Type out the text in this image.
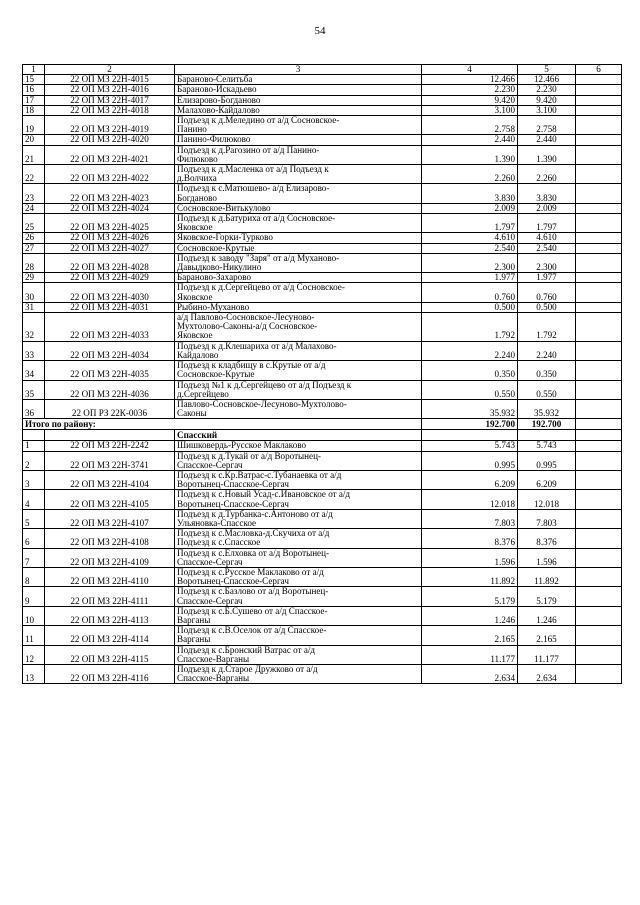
54
1	2	3	4	5	6
15	22 ОП МЗ 22Н-4015	Бараново-Селитьба	12.466	12.466	
16	22 ОП МЗ 22Н-4016	Бараново-Искадьево	2.230	2.230	
17	22 ОП МЗ 22Н-4017	Елизарово-Богданово	9.420	9.420	
18	22 ОП МЗ 22Н-4018	Малахово-Кайдалово	3.100	3.100	
19	22 ОП МЗ 22Н-4019	Подъезд к д.Меледино от а/д Сосновское-
Панино	2.758	2.758	
20	22 ОП МЗ 22Н-4020	Панино-Филюково	2.440	2.440	
21	22 ОП МЗ 22Н-4021	Подъезд к д.Рагозино от а/д Панино-
Филюково	1.390	1.390	
22	22 ОП МЗ 22Н-4022	Подъезд к д.Масленка от а/д Подъезд к
д.Волчиха	2.260	2.260	
23	22 ОП МЗ 22Н-4023	Подъезд к с.Матюшево- а/д Елизарово-
Богданово	3.830	3.830	
24	22 ОП МЗ 22Н-4024	Сосновское-Витькулово	2.009	2.009	
25	22 ОП МЗ 22Н-4025	Подъезд к д.Батуриха от а/д Сосновское-
Яковское	1.797	1.797	
26	22 ОП МЗ 22Н-4026	Яковское-Горки-Турково	4.610	4.610	
27	22 ОП МЗ 22Н-4027	Сосновское-Крутые	2.540	2.540	
28	22 ОП МЗ 22Н-4028	Подъезд к заводу "Заря" от а/д Муханово-
Давыдково-Никулино	2.300	2.300	
29	22 ОП МЗ 22Н-4029	Бараново-Захарово	1.977	1.977	
30	22 ОП МЗ 22Н-4030	Подъезд к д.Сергейцево от а/д Сосновское-
Яковское	0.760	0.760	
31	22 ОП МЗ 22Н-4031	Рыбино-Муханово	0.500	0.500	
32	22 ОП МЗ 22Н-4033	а/д Павлово-Сосновское-Лесуново-
Мухтолово-Саконы-а/д Сосновское-
Яковское	1.792	1.792	
33	22 ОП МЗ 22Н-4034	Подъезд к д.Клешариха от а/д Малахово-
Кайдалово	2.240	2.240	
34	22 ОП МЗ 22Н-4035	Подъезд к кладбищу в с.Крутые от а/д
Сосновское-Крутые	0.350	0.350	
35	22 ОП МЗ 22Н-4036	Подъезд №1 к д.Сергейцево от а/д Подъезд к
д.Сергейцево	0.550	0.550	
36	22 ОП РЗ 22К-0036	Павлово-Сосновское-Лесуново-Мухтолово-
Саконы	35.932	35.932	
Итого по району:			192.700	192.700	
		Спасский			
1	22 ОП МЗ 22Н-2242	Шишковердь-Русское Маклаково	5.743	5.743	
2	22 ОП МЗ 22Н-3741	Подъезд к д.Тукай от а/д Воротынец-
Спасское-Сергач	0.995	0.995	
3	22 ОП МЗ 22Н-4104	Подъезд к с.Кр.Ватрас-с.Тубанаевка от а/д
Воротынец-Спасское-Сергач	6.209	6.209	
4	22 ОП МЗ 22Н-4105	Подъезд к с.Новый Усад-с.Ивановское от а/д
Воротынец-Спасское-Сергач	12.018	12.018	
5	22 ОП МЗ 22Н-4107	Подъезд к д.Турбанка-с.Антоново от а/д
Ульяновка-Спасское	7.803	7.803	
6	22 ОП МЗ 22Н-4108	Подъезд к с.Масловка-д.Скучиха от а/д
Подъезд к с.Спасское	8.376	8.376	
7	22 ОП МЗ 22Н-4109	Подъезд к с.Елховка от а/д Воротынец-
Спасское-Сергач	1.596	1.596	
8	22 ОП МЗ 22Н-4110	Подъезд к с.Русское Маклаково от а/д
Воротынец-Спасское-Сергач	11.892	11.892	
9	22 ОП МЗ 22Н-4111	Подъезд к с.Базлово от а/д Воротынец-
Спасское-Сергач	5.179	5.179	
10	22 ОП МЗ 22Н-4113	Подъезд к с.Б.Сушево от а/д Спасское-
Варганы	1.246	1.246	
11	22 ОП МЗ 22Н-4114	Подъезд к с.В.Оселок от а/д Спасское-
Варганы	2.165	2.165	
12	22 ОП МЗ 22Н-4115	Подъезд к с.Бронский Ватрас от а/д
Спасское-Варганы	11.177	11.177	
13	22 ОП МЗ 22Н-4116	Подъезд к д.Старое Дружково от а/д
Спасское-Варганы	2.634	2.634	
